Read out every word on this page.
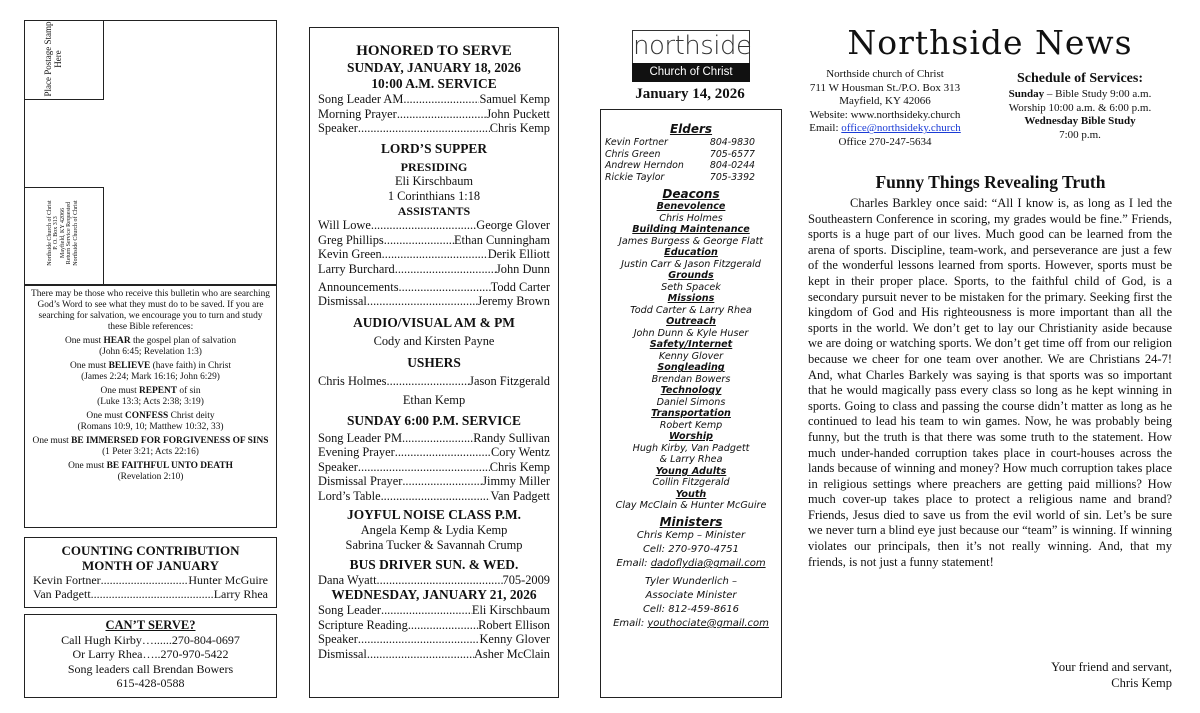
Place Postage Stamp Here
Northside Church of Christ P. O. Box 313 Mayfield, KY 42066 Return Service Requested Northside Church of Christ
There may be those who receive this bulletin who are searching God’s Word to see what they must do to be saved. If you are searching for salvation, we encourage you to turn and study these Bible references:
One must HEAR the gospel plan of salvation
(John 6:45; Revelation 1:3)
One must BELIEVE (have faith) in Christ
(James 2:24; Mark 16:16; John 6:29)
One must REPENT of sin
(Luke 13:3; Acts 2:38; 3:19)
One must CONFESS Christ deity
(Romans 10:9, 10; Matthew 10:32, 33)
One must BE IMMERSED FOR FORGIVENESS OF SINS
(1 Peter 3:21; Acts 22:16)
One must BE FAITHFUL UNTO DEATH
(Revelation 2:10)
COUNTING CONTRIBUTION
MONTH OF JANUARY
Kevin Fortner .....	Hunter McGuire
Van Padgett .....	Larry Rhea
CAN’T SERVE?
Call Hugh Kirby…......270-804-0697
Or Larry Rhea…..270-970-5422
Song leaders call Brendan Bowers
615-428-0588
HONORED TO SERVE
SUNDAY, JANUARY 18, 2026
10:00 A.M. SERVICE
Song Leader AM .....	Samuel Kemp
Morning Prayer .....	John Puckett
Speaker .....	Chris Kemp
LORD’S SUPPER
PRESIDING
Eli Kirschbaum
1 Corinthians 1:18
ASSISTANTS
Will Lowe .....	George Glover
Greg Phillips .....	Ethan Cunningham
Kevin Green .....	Derik Elliott
Larry Burchard .....	John Dunn
Announcements .....	Todd Carter
Dismissal .....	Jeremy Brown
AUDIO/VISUAL AM & PM
Cody and Kirsten Payne
USHERS
Chris Holmes .....	Jason Fitzgerald
Ethan Kemp
SUNDAY 6:00 P.M. SERVICE
Song Leader PM .....	Randy Sullivan
Evening Prayer .....	Cory Wentz
Speaker .....	Chris Kemp
Dismissal Prayer .....	Jimmy Miller
Lord’s Table .....	Van Padgett
JOYFUL NOISE CLASS P.M.
Angela Kemp & Lydia Kemp
Sabrina Tucker & Savannah Crump
BUS DRIVER SUN. & WED.
Dana Wyatt .....	705-2009
WEDNESDAY, JANUARY 21, 2026
Song Leader .....	Eli Kirschbaum
Scripture Reading .....	Robert Ellison
Speaker .....	Kenny Glover
Dismissal .....	Asher McClain
northside
Church of Christ
January 14, 2026
Elders
Kevin Fortner	804-9830
Chris Green	705-6577
Andrew Herndon	804-0244
Rickie Taylor	705-3392
Deacons
Benevolence
Chris Holmes
Building Maintenance
James Burgess & George Flatt
Education
Justin Carr & Jason Fitzgerald
Grounds
Seth Spacek
Missions
Todd Carter & Larry Rhea
Outreach
John Dunn & Kyle Huser
Safety/Internet
Kenny Glover
Songleading
Brendan Bowers
Technology
Daniel Simons
Transportation
Robert Kemp
Worship
Hugh Kirby, Van Padgett
& Larry Rhea
Young Adults
Collin Fitzgerald
Youth
Clay McClain & Hunter McGuire
Ministers
Chris Kemp – Minister
Cell: 270-970-4751
Email: dadoflydia@gmail.com
Tyler Wunderlich –
Associate Minister
Cell: 812-459-8616
Email: youthociate@gmail.com
Northside News
Northside church of Christ
711 W Housman St./P.O. Box 313
Mayfield, KY 42066
Website: www.northsideky.church
Email: office@northsideky.church
Office 270-247-5634
Schedule of Services:
Sunday – Bible Study 9:00 a.m.
Worship 10:00 a.m. & 6:00 p.m.
Wednesday Bible Study
7:00 p.m.
Funny Things Revealing Truth
Charles Barkley once said: “All I know is, as long as I led the Southeastern Conference in scoring, my grades would be fine.” Friends, sports is a huge part of our lives. Much good can be learned from the arena of sports. Discipline, team-work, and perseverance are just a few of the wonderful lessons learned from sports. However, sports must be kept in their proper place. Sports, to the faithful child of God, is a secondary pursuit never to be mistaken for the primary. Seeking first the kingdom of God and His righteousness is more important than all the sports in the world. We don’t get to lay our Christianity aside because we are doing or watching sports. We don’t get time off from our religion because we cheer for one team over another. We are Christians 24-7! And, what Charles Barkely was saying is that sports was so important that he would magically pass every class so long as he kept winning in sports. Going to class and passing the course didn’t matter as long as he continued to lead his team to win games. Now, he was probably being funny, but the truth is that there was some truth to the statement. How much under-handed corruption takes place in court-houses across the lands because of winning and money? How much corruption takes place in religious settings where preachers are getting paid millions? How much cover-up takes place to protect a religious name and brand? Friends, Jesus died to save us from the evil world of sin. Let’s be sure we never turn a blind eye just because our “team” is winning. If winning violates our principals, then it’s not really winning. And, that my friends, is not just a funny statement!
Your friend and servant,
Chris Kemp
